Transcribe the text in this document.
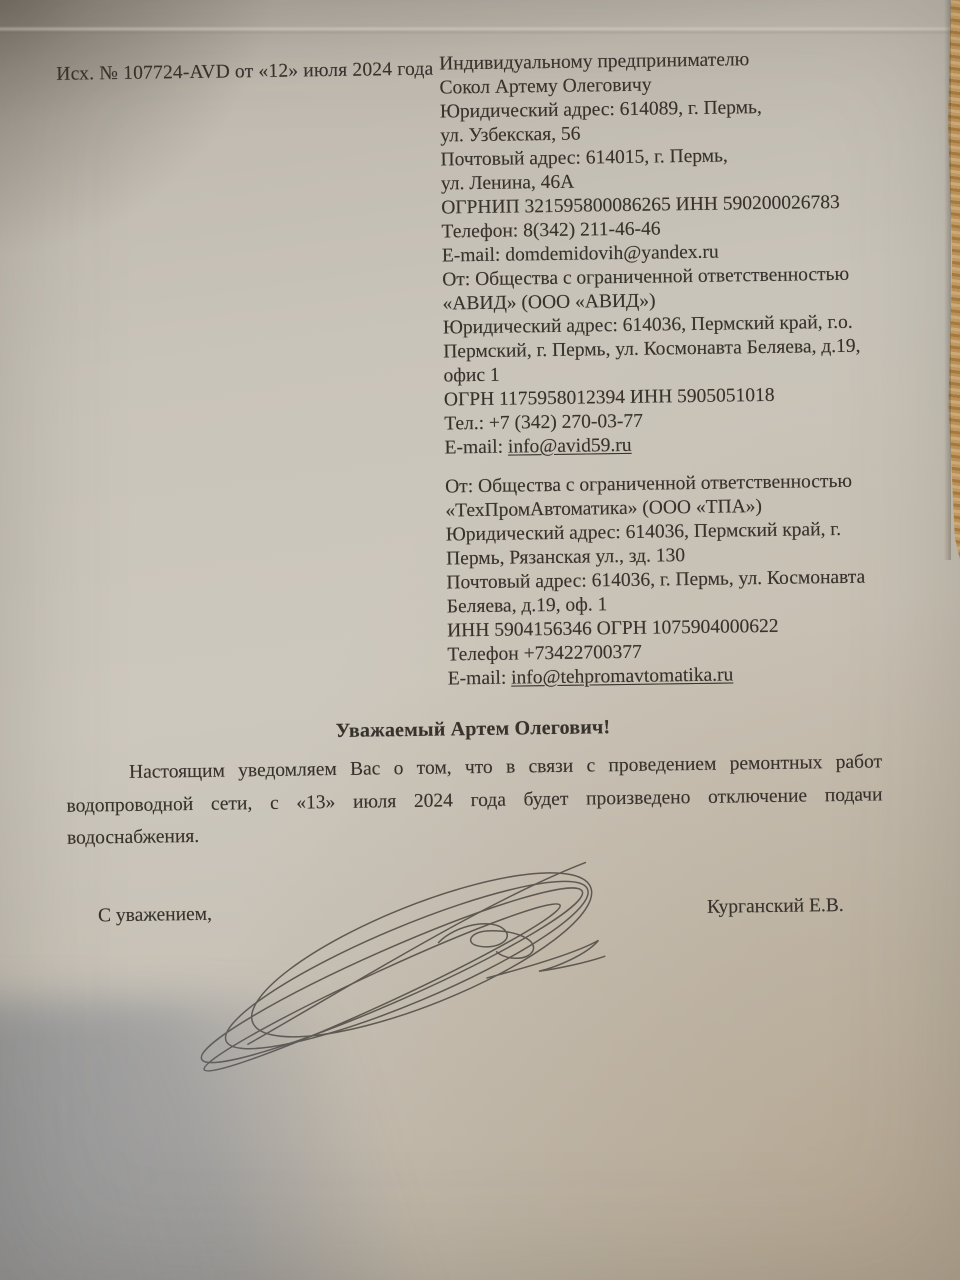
Исх. № 107724-AVD от «12» июля 2024 года Индивидуальному предпринимателю
Сокол Артему Олеговичу
Юридический адрес: 614089, г. Пермь,
ул. Узбекская, 56
Почтовый адрес: 614015, г. Пермь,
ул. Ленина, 46А
ОГРНИП 321595800086265 ИНН 590200026783
Телефон: 8(342) 211-46-46
E-mail: domdemidovih@yandex.ru
От: Общества с ограниченной ответственностью
«АВИД» (ООО «АВИД»)
Юридический адрес: 614036, Пермский край, г.о.
Пермский, г. Пермь, ул. Космонавта Беляева, д.19,
офис 1
ОГРН 1175958012394 ИНН 5905051018
Тел.: +7 (342) 270-03-77
E-mail: info@avid59.ru
От: Общества с ограниченной ответственностью
«ТехПромАвтоматика» (ООО «ТПА»)
Юридический адрес: 614036, Пермский край, г.
Пермь, Рязанская ул., зд. 130
Почтовый адрес: 614036, г. Пермь, ул. Космонавта
Беляева, д.19, оф. 1
ИНН 5904156346 ОГРН 1075904000622
Телефон +73422700377
E-mail: info@tehpromavtomatika.ru
Уважаемый Артем Олегович!

Настоящим уведомляем Вас о том, что в связи с проведением ремонтных работ водопроводной сети, с «13» июля 2024 года будет произведено отключение подачи водоснабжения.

С уважением,	Курганский Е.В.
